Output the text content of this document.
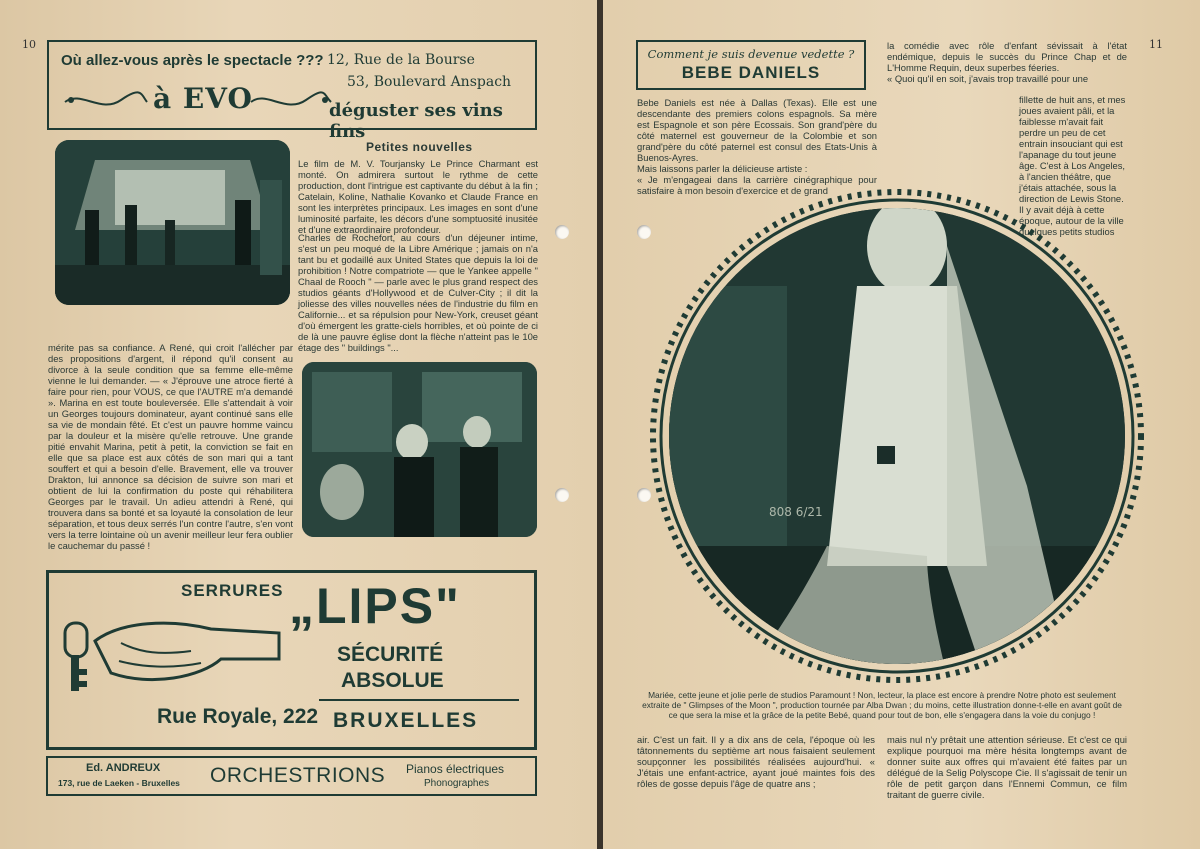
10
Où allez-vous après le spectacle ???
à EVO
12, Rue de la Bourse
53, Boulevard Anspach
déguster ses vins fins
Petites nouvelles
Le film de M. V. Tourjansky Le Prince Charmant est monté. On admirera surtout le rythme de cette production, dont l'intrigue est captivante du début à la fin ; Catelain, Koline, Nathalie Kovanko et Claude France en sont les interprètes principaux. Les images en sont d'une luminosité parfaite, les décors d'une somptuosité inusitée et d'une extraordinaire profondeur.
Charles de Rochefort, au cours d'un déjeuner intime, s'est un peu moqué de la Libre Amérique ; jamais on n'a tant bu et godaillé aux United States que depuis la loi de prohibition ! Notre compatriote — que le Yankee appelle " Chaal de Rooch " — parle avec le plus grand respect des studios géants d'Hollywood et de Culver-City ; il dit la joliesse des villes nouvelles nées de l'industrie du film en Californie... et sa répulsion pour New-York, creuset géant d'où émergent les gratte-ciels horribles, et où pointe de ci de là une pauvre église dont la flèche n'atteint pas le 10e étage des " buildings "...
mérite pas sa confiance. A René, qui croit l'allécher par des propositions d'argent, il répond qu'il consent au divorce à la seule condition que sa femme elle-même vienne le lui demander. — « J'éprouve une atroce fierté à faire pour rien, pour VOUS, ce que l'AUTRE m'a demandé ». Marina en est toute bouleversée. Elle s'attendait à voir un Georges toujours dominateur, ayant continué sans elle sa vie de mondain fêté. Et c'est un pauvre homme vaincu par la douleur et la misère qu'elle retrouve. Une grande pitié envahit Marina, petit à petit, la conviction se fait en elle que sa place est aux côtés de son mari qui a tant souffert et qui a besoin d'elle. Bravement, elle va trouver Drakton, lui annonce sa décision de suivre son mari et obtient de lui la confirmation du poste qui réhabilitera Georges par le travail. Un adieu attendri à René, qui trouvera dans sa bonté et sa loyauté la consolation de leur séparation, et tous deux serrés l'un contre l'autre, s'en vont vers la terre lointaine où un avenir meilleur leur fera oublier le cauchemar du passé !
SERRURES
Rue Royale, 222
„LIPS"
SÉCURITÉ
ABSOLUE
BRUXELLES
Ed. ANDREUX
173, rue de Laeken - Bruxelles ORCHESTRIONS Pianos électriques
Phonographes
11
Comment je suis devenue vedette ?
BEBE DANIELS
la comédie avec rôle d'enfant sévissait à l'état endémique, depuis le succès du Prince Chap et de L'Homme Requin, deux superbes féeries.
« Quoi qu'il en soit, j'avais trop travaillé pour une
Bebe Daniels est née à Dallas (Texas). Elle est une descendante des premiers colons espagnols. Sa mère est Espagnole et son père Ecossais. Son grand'père du côté maternel est gouverneur de la Colombie et son grand'père du côté paternel est consul des Etats-Unis à Buenos-Ayres.
Mais laissons parler la délicieuse artiste :
« Je m'engageai dans la carrière cinégraphique pour satisfaire à mon besoin d'exercice et de grand
fillette de huit ans, et mes joues avaient pâli, et la faiblesse m'avait fait perdre un peu de cet entrain insouciant qui est l'apanage du tout jeune âge. C'est à Los Angeles, à l'ancien théâtre, que j'étais attachée, sous la direction de Lewis Stone. Il y avait déjà à cette époque, autour de la ville quelques petits studios
808 6/21
Mariée, cette jeune et jolie perle de studios Paramount ! Non, lecteur, la place est encore à prendre Notre photo est seulement extraite de " Glimpses of the Moon ", production tournée par Alba Dwan ; du moins, cette illustration donne-t-elle en avant goût de ce que sera la mise et la grâce de la petite Bebé, quand pour tout de bon, elle s'engagera dans la voie du conjugo !
air. C'est un fait. Il y a dix ans de cela, l'époque où les tâtonnements du septième art nous faisaient seulement soupçonner les possibilités réalisées aujourd'hui. « J'étais une enfant-actrice, ayant joué maintes fois des rôles de gosse depuis l'âge de quatre ans ;
mais nul n'y prêtait une attention sérieuse. Et c'est ce qui explique pourquoi ma mère hésita longtemps avant de donner suite aux offres qui m'avaient été faites par un délégué de la Selig Polyscope Cie. Il s'agissait de tenir un rôle de petit garçon dans l'Ennemi Commun, ce film traitant de guerre civile.
